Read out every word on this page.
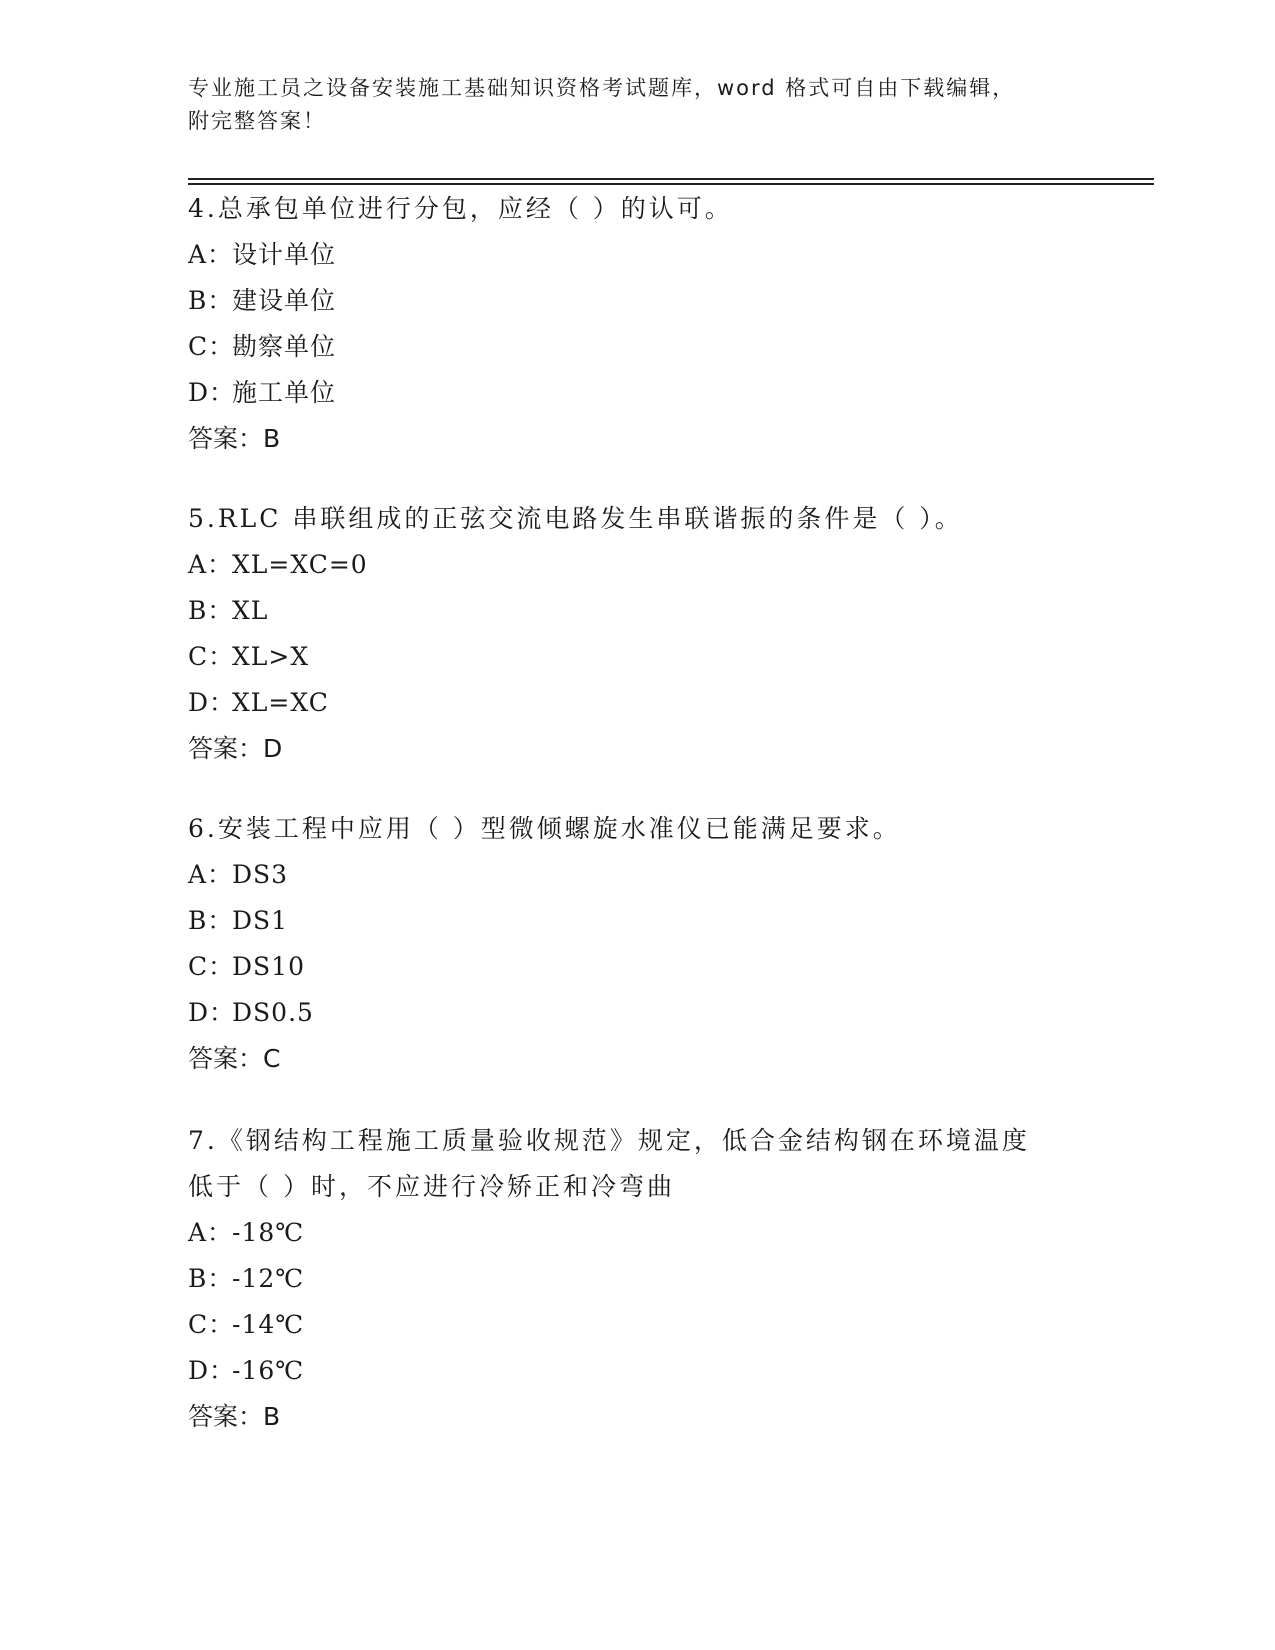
专业施工员之设备安装施工基础知识资格考试题库，word 格式可自由下载编辑，
附完整答案！

4.总承包单位进行分包，应经（ ）的认可。

A：设计单位

B：建设单位

C：勘察单位

D：施工单位

答案：B

5.RLC 串联组成的正弦交流电路发生串联谐振的条件是（ ）。

A：XL=XC=0

B：XL

C：XL>X

D：XL=XC

答案：D

6.安装工程中应用（ ）型微倾螺旋水准仪已能满足要求。

A：DS3

B：DS1

C：DS10

D：DS0.5

答案：C

7.《钢结构工程施工质量验收规范》规定，低合金结构钢在环境温度

低于（ ）时，不应进行冷矫正和冷弯曲

A：-18℃

B：-12℃

C：-14℃

D：-16℃

答案：B
